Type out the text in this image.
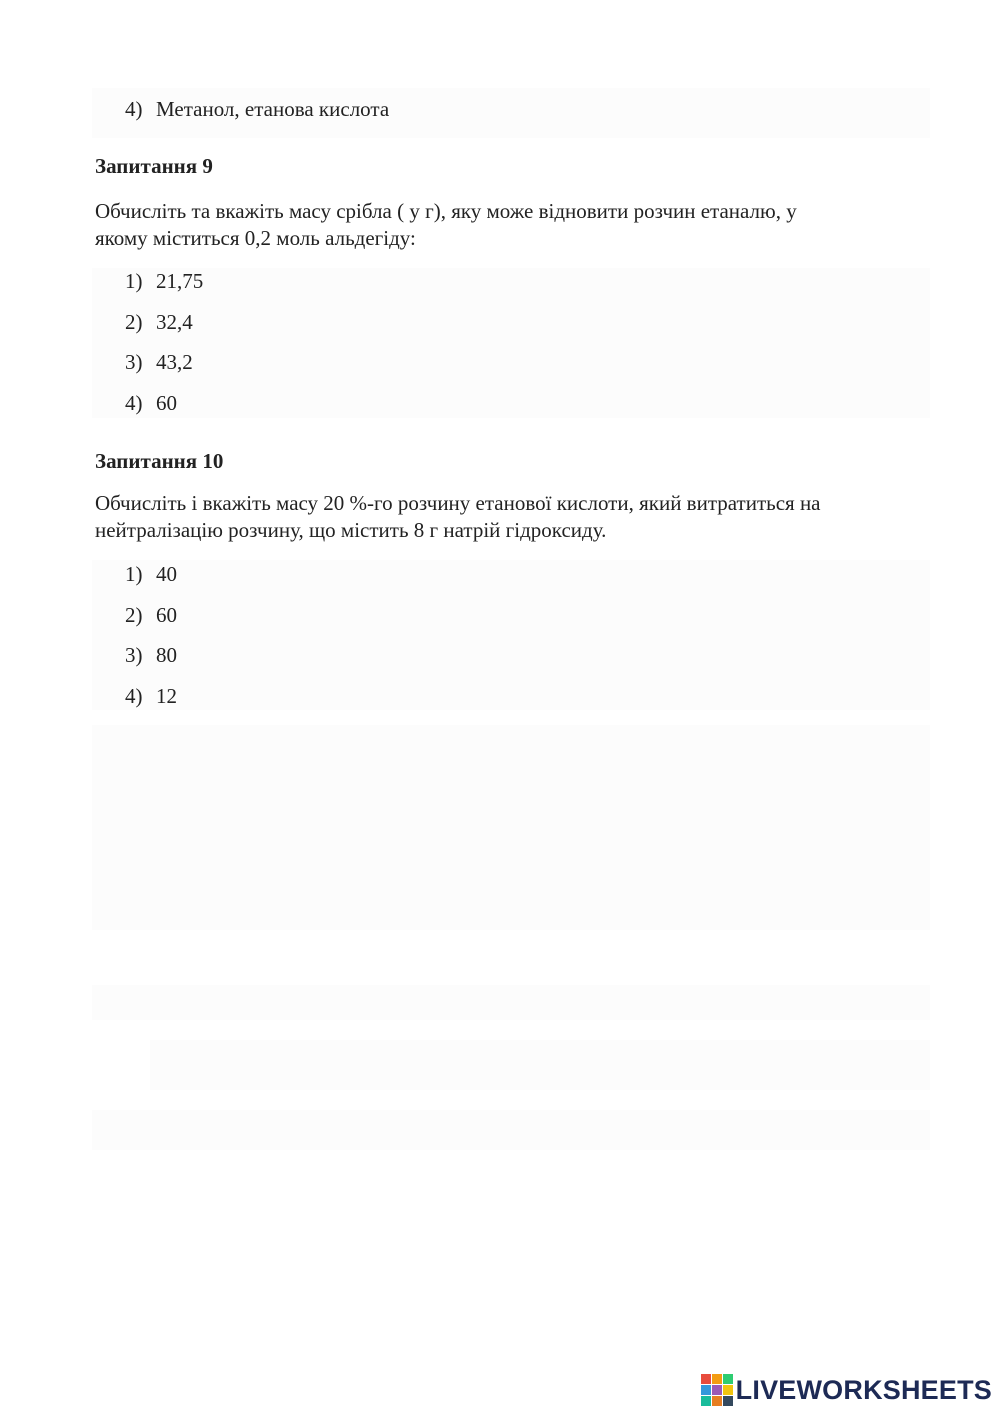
4) Метанол, етанова кислота
Запитання 9
Обчисліть та вкажіть масу срібла ( у г), яку може відновити розчин етаналю, у
якому міститься 0,2 моль альдегіду:
1) 21,75
2) 32,4
3) 43,2
4) 60
Запитання 10
Обчисліть і вкажіть масу 20 %-го розчину етанової кислоти, який витратиться на
нейтралізацію розчину, що містить 8 г натрій гідроксиду.
1) 40
2) 60
3) 80
4) 12
LIVEWORKSHEETS
